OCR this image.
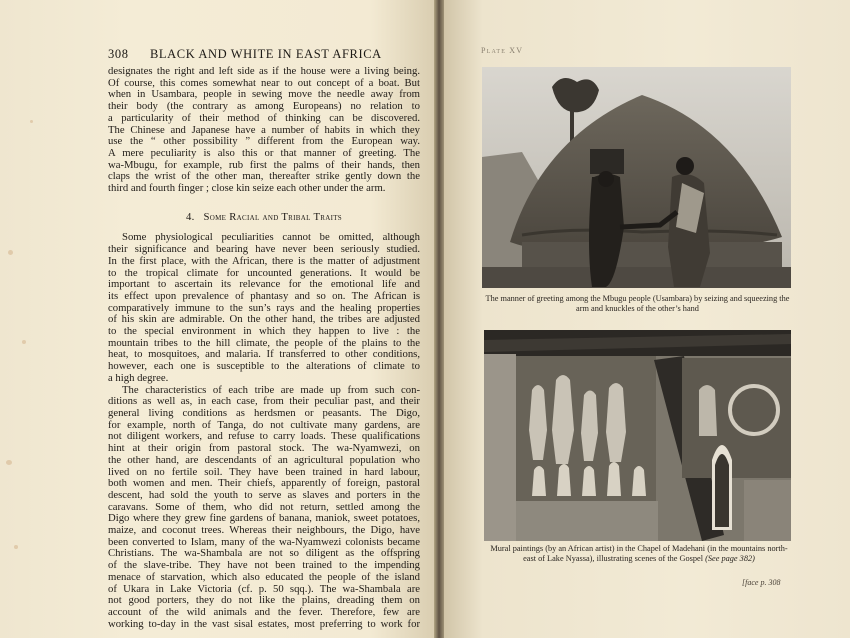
308 BLACK AND WHITE IN EAST AFRICA

designates the right and left side as if the house were a living being.
Of course, this comes somewhat near to out concept of a boat. But
when in Usambara, people in sewing move the needle away from
their body (the contrary as among Europeans) no relation to
a particularity of their method of thinking can be discovered.
The Chinese and Japanese have a number of habits in which they
use the “ other possibility ” different from the European way.
A mere peculiarity is also this or that manner of greeting. The
wa-Mbugu, for example, rub first the palms of their hands, then
claps the wrist of the other man, thereafter strike gently down the
third and fourth finger ; close kin seize each other under the arm.

4. Some Racial and Tribal Traits

Some physiological peculiarities cannot be omitted, although
their significance and bearing have never been seriously studied.
In the first place, with the African, there is the matter of adjustment
to the tropical climate for uncounted generations. It would be
important to ascertain its relevance for the emotional life and
its effect upon prevalence of phantasy and so on. The African is
comparatively immune to the sun’s rays and the healing properties
of his skin are admirable. On the other hand, the tribes are adjusted
to the special environment in which they happen to live : the
mountain tribes to the hill climate, the people of the plains to the
heat, to mosquitoes, and malaria. If transferred to other conditions,
however, each one is susceptible to the alterations of climate to
a high degree.

The characteristics of each tribe are made up from such con-
ditions as well as, in each case, from their peculiar past, and their
general living conditions as herdsmen or peasants. The Digo,
for example, north of Tanga, do not cultivate many gardens, are
not diligent workers, and refuse to carry loads. These qualifications
hint at their origin from pastoral stock. The wa-Nyamwezi, on
the other hand, are descendants of an agricultural population who
lived on no fertile soil. They have been trained in hard labour,
both women and men. Their chiefs, apparently of foreign, pastoral
descent, had sold the youth to serve as slaves and porters in the
caravans. Some of them, who did not return, settled among the
Digo where they grew fine gardens of banana, maniok, sweet potatoes,
maize, and coconut trees. Whereas their neighbours, the Digo, have
been converted to Islam, many of the wa-Nyamwezi colonists became
Christians. The wa-Shambala are not so diligent as the offspring
of the slave-tribe. They have not been trained to the impending
menace of starvation, which also educated the people of the island
of Ukara in Lake Victoria (cf. p. 50 sqq.). The wa-Shambala are
not good porters, they do not like the plains, dreading them on
account of the wild animals and the fever. Therefore, few are
working to-day in the vast sisal estates, most preferring to work for

Plate XV
The manner of greeting among the Mbugu people (Usambara) by seizing and squeezing the arm and knuckles of the other’s hand
Mural paintings (by an African artist) in the Chapel of Madehani (in the mountains north-east of Lake Nyassa), illustrating scenes of the Gospel (See page 382)
[face p. 308
